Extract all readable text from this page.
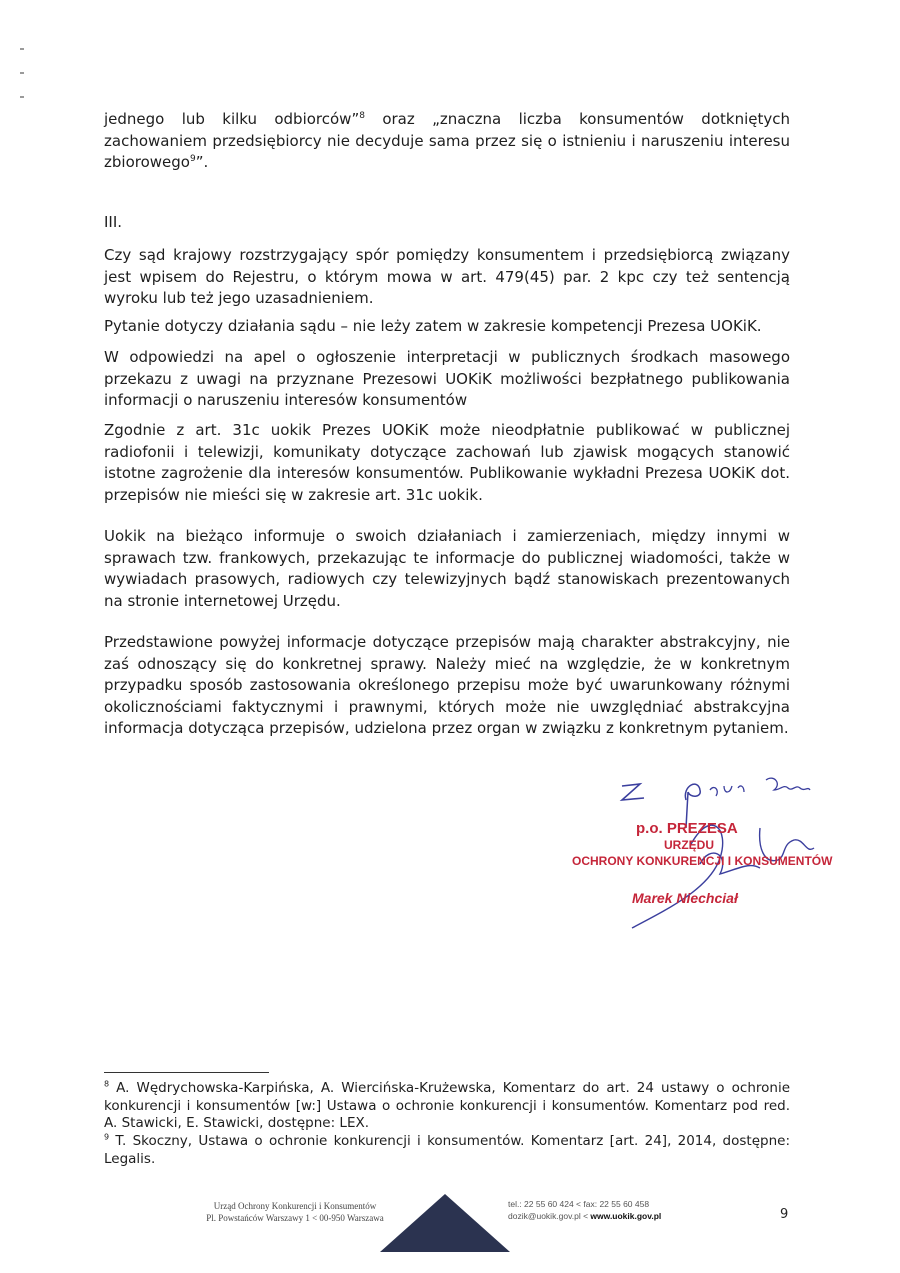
jednego lub kilku odbiorców”$^8$ oraz „znaczna liczba konsumentów dotkniętych zachowaniem przedsiębiorcy nie decyduje sama przez się o istnieniu i naruszeniu interesu zbiorowego$^9$”.

III.

Czy sąd krajowy rozstrzygający spór pomiędzy konsumentem i przedsiębiorcą związany jest wpisem do Rejestru, o którym mowa w art. 479(45) par. 2 kpc czy też sentencją wyroku lub też jego uzasadnieniem.

Pytanie dotyczy działania sądu – nie leży zatem w zakresie kompetencji Prezesa UOKiK.

W odpowiedzi na apel o ogłoszenie interpretacji w publicznych środkach masowego przekazu z uwagi na przyznane Prezesowi UOKiK możliwości bezpłatnego publikowania informacji o naruszeniu interesów konsumentów

Zgodnie z art. 31c uokik Prezes UOKiK może nieodpłatnie publikować w publicznej radiofonii i telewizji, komunikaty dotyczące zachowań lub zjawisk mogących stanowić istotne zagrożenie dla interesów konsumentów. Publikowanie wykładni Prezesa UOKiK dot. przepisów nie mieści się w zakresie art. 31c uokik.

Uokik na bieżąco informuje o swoich działaniach i zamierzeniach, między innymi w sprawach tzw. frankowych, przekazując te informacje do publicznej wiadomości, także w wywiadach prasowych, radiowych czy telewizyjnych bądź stanowiskach prezentowanych na stronie internetowej Urzędu.

Przedstawione powyżej informacje dotyczące przepisów mają charakter abstrakcyjny, nie zaś odnoszący się do konkretnej sprawy. Należy mieć na względzie, że w konkretnym przypadku sposób zastosowania określonego przepisu może być uwarunkowany różnymi okolicznościami faktycznymi i prawnymi, których może nie uwzględniać abstrakcyjna informacja dotycząca przepisów, udzielona przez organ w związku z konkretnym pytaniem.

p.o. PREZESA
URZĘDU
OCHRONY KONKURENCJI I KONSUMENTÓW
Marek Niechciał

$^8$ A. Wędrychowska-Karpińska, A. Wiercińska-Krużewska, Komentarz do art. 24 ustawy o ochronie konkurencji i konsumentów [w:] Ustawa o ochronie konkurencji i konsumentów. Komentarz pod red. A. Stawicki, E. Stawicki, dostępne: LEX.

$^9$ T. Skoczny, Ustawa o ochronie konkurencji i konsumentów. Komentarz [art. 24], 2014, dostępne: Legalis.

Urząd Ochrony Konkurencji i Konsumentów
Pl. Powstańców Warszawy 1 < 00-950 Warszawa
tel.: 22 55 60 424 < fax: 22 55 60 458
dozik@uokik.gov.pl < www.uokik.gov.pl	9
